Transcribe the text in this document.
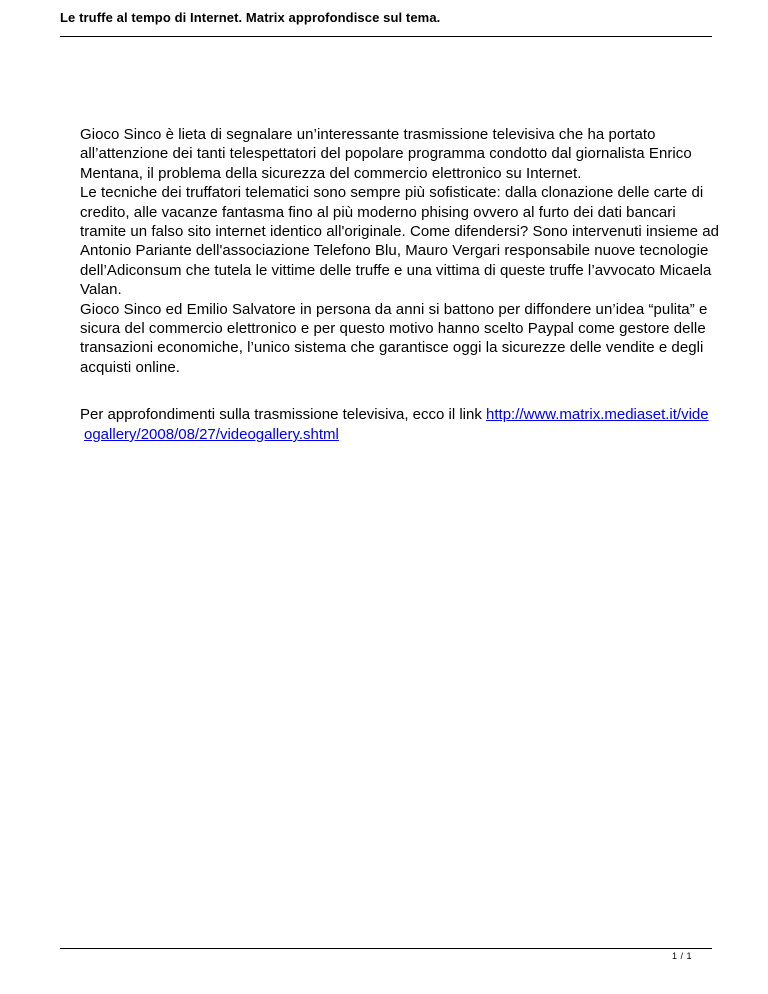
Le truffe al tempo di Internet. Matrix approfondisce sul tema.

Gioco Sinco è lieta di segnalare un’interessante trasmissione televisiva che ha portato all’attenzione dei tanti telespettatori del popolare programma condotto dal giornalista Enrico Mentana, il problema della sicurezza del commercio elettronico su Internet.

Le tecniche dei truffatori telematici sono sempre più sofisticate: dalla clonazione delle carte di credito, alle vacanze fantasma fino al più moderno phising ovvero al furto dei dati bancari tramite un falso sito internet identico all'originale. Come difendersi? Sono intervenuti insieme ad Antonio Pariante dell'associazione Telefono Blu, Mauro Vergari responsabile nuove tecnologie dell’Adiconsum che tutela le vittime delle truffe e una vittima di queste truffe l’avvocato Micaela Valan.

Gioco Sinco ed Emilio Salvatore in persona da anni si battono per diffondere un’idea “pulita” e sicura del commercio elettronico e per questo motivo hanno scelto Paypal come gestore delle transazioni economiche, l’unico sistema che garantisce oggi la sicurezze delle vendite e degli acquisti online.

Per approfondimenti sulla trasmissione televisiva, ecco il link http://www.matrix.mediaset.it/vide
ogallery/2008/08/27/videogallery.shtml
1 / 1
